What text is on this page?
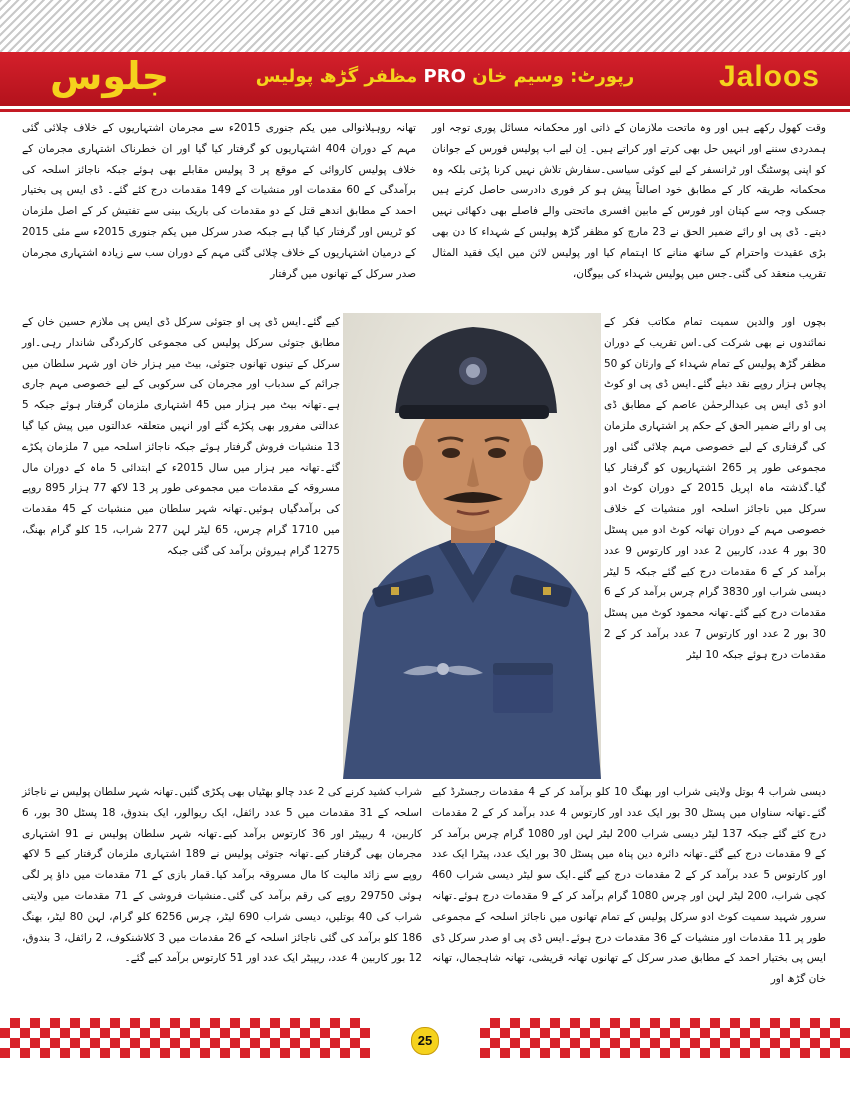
جلوس	رپورٹ: وسیم خان PRO مظفر گڑھ پولیس	Jaloos
وقت کھول رکھے ہیں اور وہ ماتحت ملازمان کے ذاتی اور محکمانہ مسائل پوری توجہ اور ہمدردی سننے اور انہیں حل بھی کرتے اور کراتے ہیں۔ اِن لیے اب پولیس فورس کے جوانان کو اپنی پوسٹنگ اور ٹرانسفر کے لیے کوئی سیاسی۔سفارش تلاش نہیں کرنا پڑتی بلکہ وہ محکمانہ طریقہ کار کے مطابق خود اصالتاً پیش ہو کر فوری دادرسی حاصل کرتے ہیں جسکی وجہ سے کپتان اور فورس کے مابین افسری ماتحتی والے فاصلے بھی دکھائی نہیں دیتے۔ ڈی پی او رائے ضمیر الحق نے 23 مارچ کو مظفر گڑھ پولیس کے شہداء کا دن بھی بڑی عقیدت واحترام کے ساتھ منانے کا اہتمام کیا اور پولیس لائن میں ایک فقید المثال تقریب منعقد کی گئی۔جس میں پولیس شہداء کی بیوگان،
تھانہ روہیلانوالی میں یکم جنوری 2015ء سے مجرمان اشتہاریوں کے خلاف چلائی گئی مہم کے دوران 404 اشتہاریوں کو گرفتار کیا گیا اور ان خطرناک اشتہاری مجرمان کے خلاف پولیس کاروائی کے موقع پر 3 پولیس مقابلے بھی ہوئے جبکہ ناجائز اسلحہ کی برآمدگی کے 60 مقدمات اور منشیات کے 149 مقدمات درج کئے گئے۔ ڈی ایس پی بختیار احمد کے مطابق اندھے قتل کے دو مقدمات کی باریک بینی سے تفتیش کر کے اصل ملزمان کو ٹریس اور گرفتار کیا گیا ہے جبکہ صدر سرکل میں یکم جنوری 2015ء سے مئی 2015 کے درمیان اشتہاریوں کے خلاف چلائی گئی مہم کے دوران سب سے زیادہ اشتہاری مجرمان صدر سرکل کے تھانوں میں گرفتار
بچوں اور والدین سمیت تمام مکاتب فکر کے نمائندوں نے بھی شرکت کی۔اس تقریب کے دوران مظفر گڑھ پولیس کے تمام شہداء کے وارثان کو 50 پچاس ہزار روپے نقد دیئے گئے۔ایس ڈی پی او کوٹ ادو ڈی ایس پی عبدالرحمٰن عاصم کے مطابق ڈی پی او رائے ضمیر الحق کے حکم پر اشتہاری ملزمان کی گرفتاری کے لیے خصوصی مہم چلائی گئی اور مجموعی طور پر 265 اشتہاریوں کو گرفتار کیا گیا۔گذشتہ ماہ اپریل 2015 کے دوران کوٹ ادو سرکل میں ناجائز اسلحہ اور منشیات کے خلاف خصوصی مہم کے دوران تھانہ کوٹ ادو میں پسٹل 30 بور 4 عدد، کاربین 2 عدد اور کارتوس 9 عدد برآمد کر کے 6 مقدمات درج کیے گئے جبکہ 5 لیٹر دیسی شراب اور 3830 گرام چرس برآمد کر کے 6 مقدمات درج کیے گئے۔تھانہ محمود کوٹ میں پسٹل 30 بور 2 عدد اور کارتوس 7 عدد برآمد کر کے 2 مقدمات درج ہوئے جبکہ 10 لیٹر
کیے گئے۔ایس ڈی پی او جتوئی سرکل ڈی ایس پی ملازم حسین خان کے مطابق جتوئی سرکل پولیس کی مجموعی کارکردگی شاندار رہی۔اور سرکل کے تینوں تھانوں جتوئی، بیٹ میر ہزار خان اور شہر سلطان میں جرائم کے سدباب اور مجرمان کی سرکوبی کے لیے خصوصی مہم جاری ہے۔تھانہ بیٹ میر ہزار میں 45 اشتہاری ملزمان گرفتار ہوئے جبکہ 5 عدالتی مفرور بھی پکڑے گئے اور انہیں متعلقہ عدالتوں میں پیش کیا گیا 13 منشیات فروش گرفتار ہوئے جبکہ ناجائز اسلحہ میں 7 ملزمان پکڑے گئے۔تھانہ میر ہزار میں سال 2015ء کے ابتدائی 5 ماہ کے دوران مال مسروقہ کے مقدمات میں مجموعی طور پر 13 لاکھ 77 ہزار 895 روپے کی برآمدگیاں ہوئیں۔تھانہ شہر سلطان میں منشیات کے 45 مقدمات میں 1710 گرام چرس، 65 لیٹر لہن 277 شراب، 15 کلو گرام بھنگ، 1275 گرام ہیروئن برآمد کی گئی جبکہ
دیسی شراب 4 بوتل ولایتی شراب اور بھنگ 10 کلو برآمد کر کے 4 مقدمات رجسٹرڈ کیے گئے۔تھانہ سناواں میں پسٹل 30 بور ایک عدد اور کارتوس 4 عدد برآمد کر کے 2 مقدمات درج کئے گئے جبکہ 137 لیٹر دیسی شراب 200 لیٹر لہن اور 1080 گرام چرس برآمد کر کے 9 مقدمات درج کیے گئے۔تھانہ دائرہ دین پناہ میں پسٹل 30 بور ایک عدد، پیٹرا ایک عدد اور کارتوس 5 عدد برآمد کر کے 2 مقدمات درج کیے گئے۔ایک سو لیٹر دیسی شراب 460 کچی شراب، 200 لیٹر لہن اور چرس 1080 گرام برآمد کر کے 9 مقدمات درج ہوئے۔تھانہ سرور شہید سمیت کوٹ ادو سرکل پولیس کے تمام تھانوں میں ناجائز اسلحہ کے مجموعی طور پر 11 مقدمات اور منشیات کے 36 مقدمات درج ہوئے۔ایس ڈی پی او صدر سرکل ڈی ایس پی بختیار احمد کے مطابق صدر سرکل کے تھانوں تھانہ قریشی، تھانہ شاہجمال، تھانہ خان گڑھ اور
شراب کشید کرنے کی 2 عدد چالو بھٹیاں بھی پکڑی گئیں۔تھانہ شہر سلطان پولیس نے ناجائز اسلحہ کے 31 مقدمات میں 5 عدد رائفل، ایک ریوالور، ایک بندوق، 18 پسٹل 30 بور، 6 کاربین، 4 ریپیٹر اور 36 کارتوس برآمد کیے۔تھانہ شہر سلطان پولیس نے 91 اشتہاری مجرمان بھی گرفتار کیے۔تھانہ جتوئی پولیس نے 189 اشتہاری ملزمان گرفتار کیے 5 لاکھ روپے سے زائد مالیت کا مال مسروقہ برآمد کیا۔قمار بازی کے 71 مقدمات میں داؤ پر لگی ہوئی 29750 روپے کی رقم برآمد کی گئی۔منشیات فروشی کے 71 مقدمات میں ولایتی شراب کی 40 بوتلیں، دیسی شراب 690 لیٹر، چرس 6256 کلو گرام، لہن 80 لیٹر، بھنگ 186 کلو برآمد کی گئی ناجائز اسلحہ کے 26 مقدمات میں 3 کلاشنکوف، 2 رائفل، 3 بندوق، 12 بور کاربین 4 عدد، ریپیٹر ایک عدد اور 51 کارتوس برآمد کیے گئے۔
25
